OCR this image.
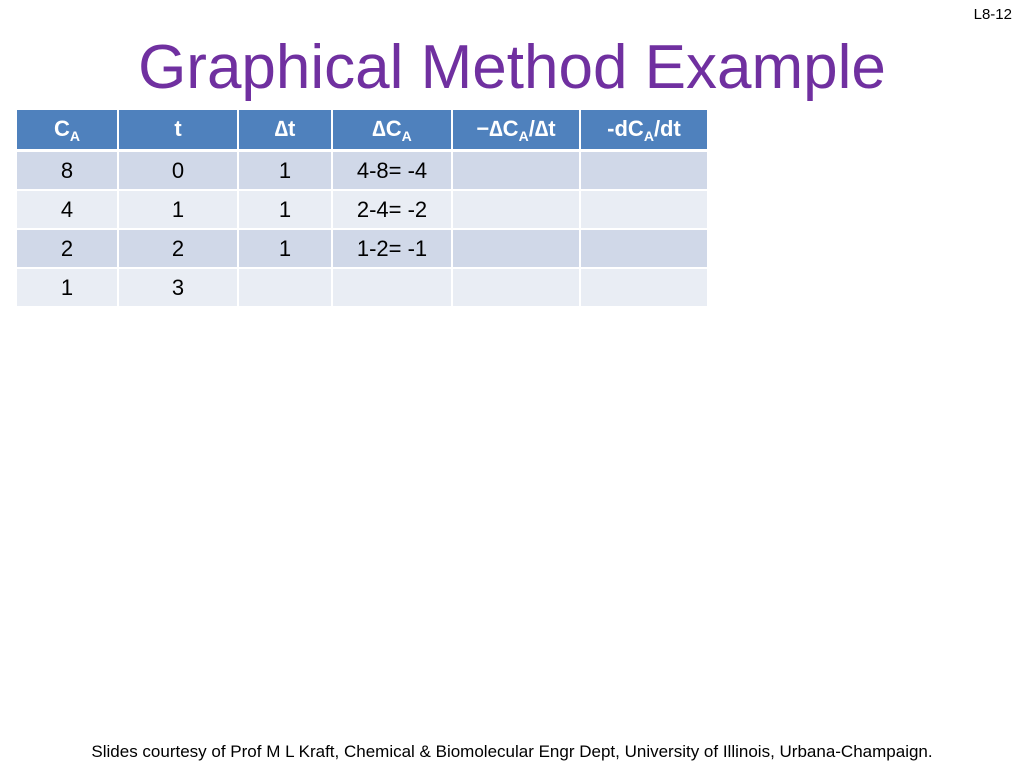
L8-12
Graphical Method Example
$C_A$	t	∆t	$\Delta C_A$	$-\Delta C_A/\Delta t$	$-dC_A/dt$
8	0	1	4-8= -4		
4	1	1	2-4= -2		
2	2	1	1-2= -1		
1	3				
Slides courtesy of Prof M L Kraft, Chemical & Biomolecular Engr Dept, University of Illinois, Urbana-Champaign.
